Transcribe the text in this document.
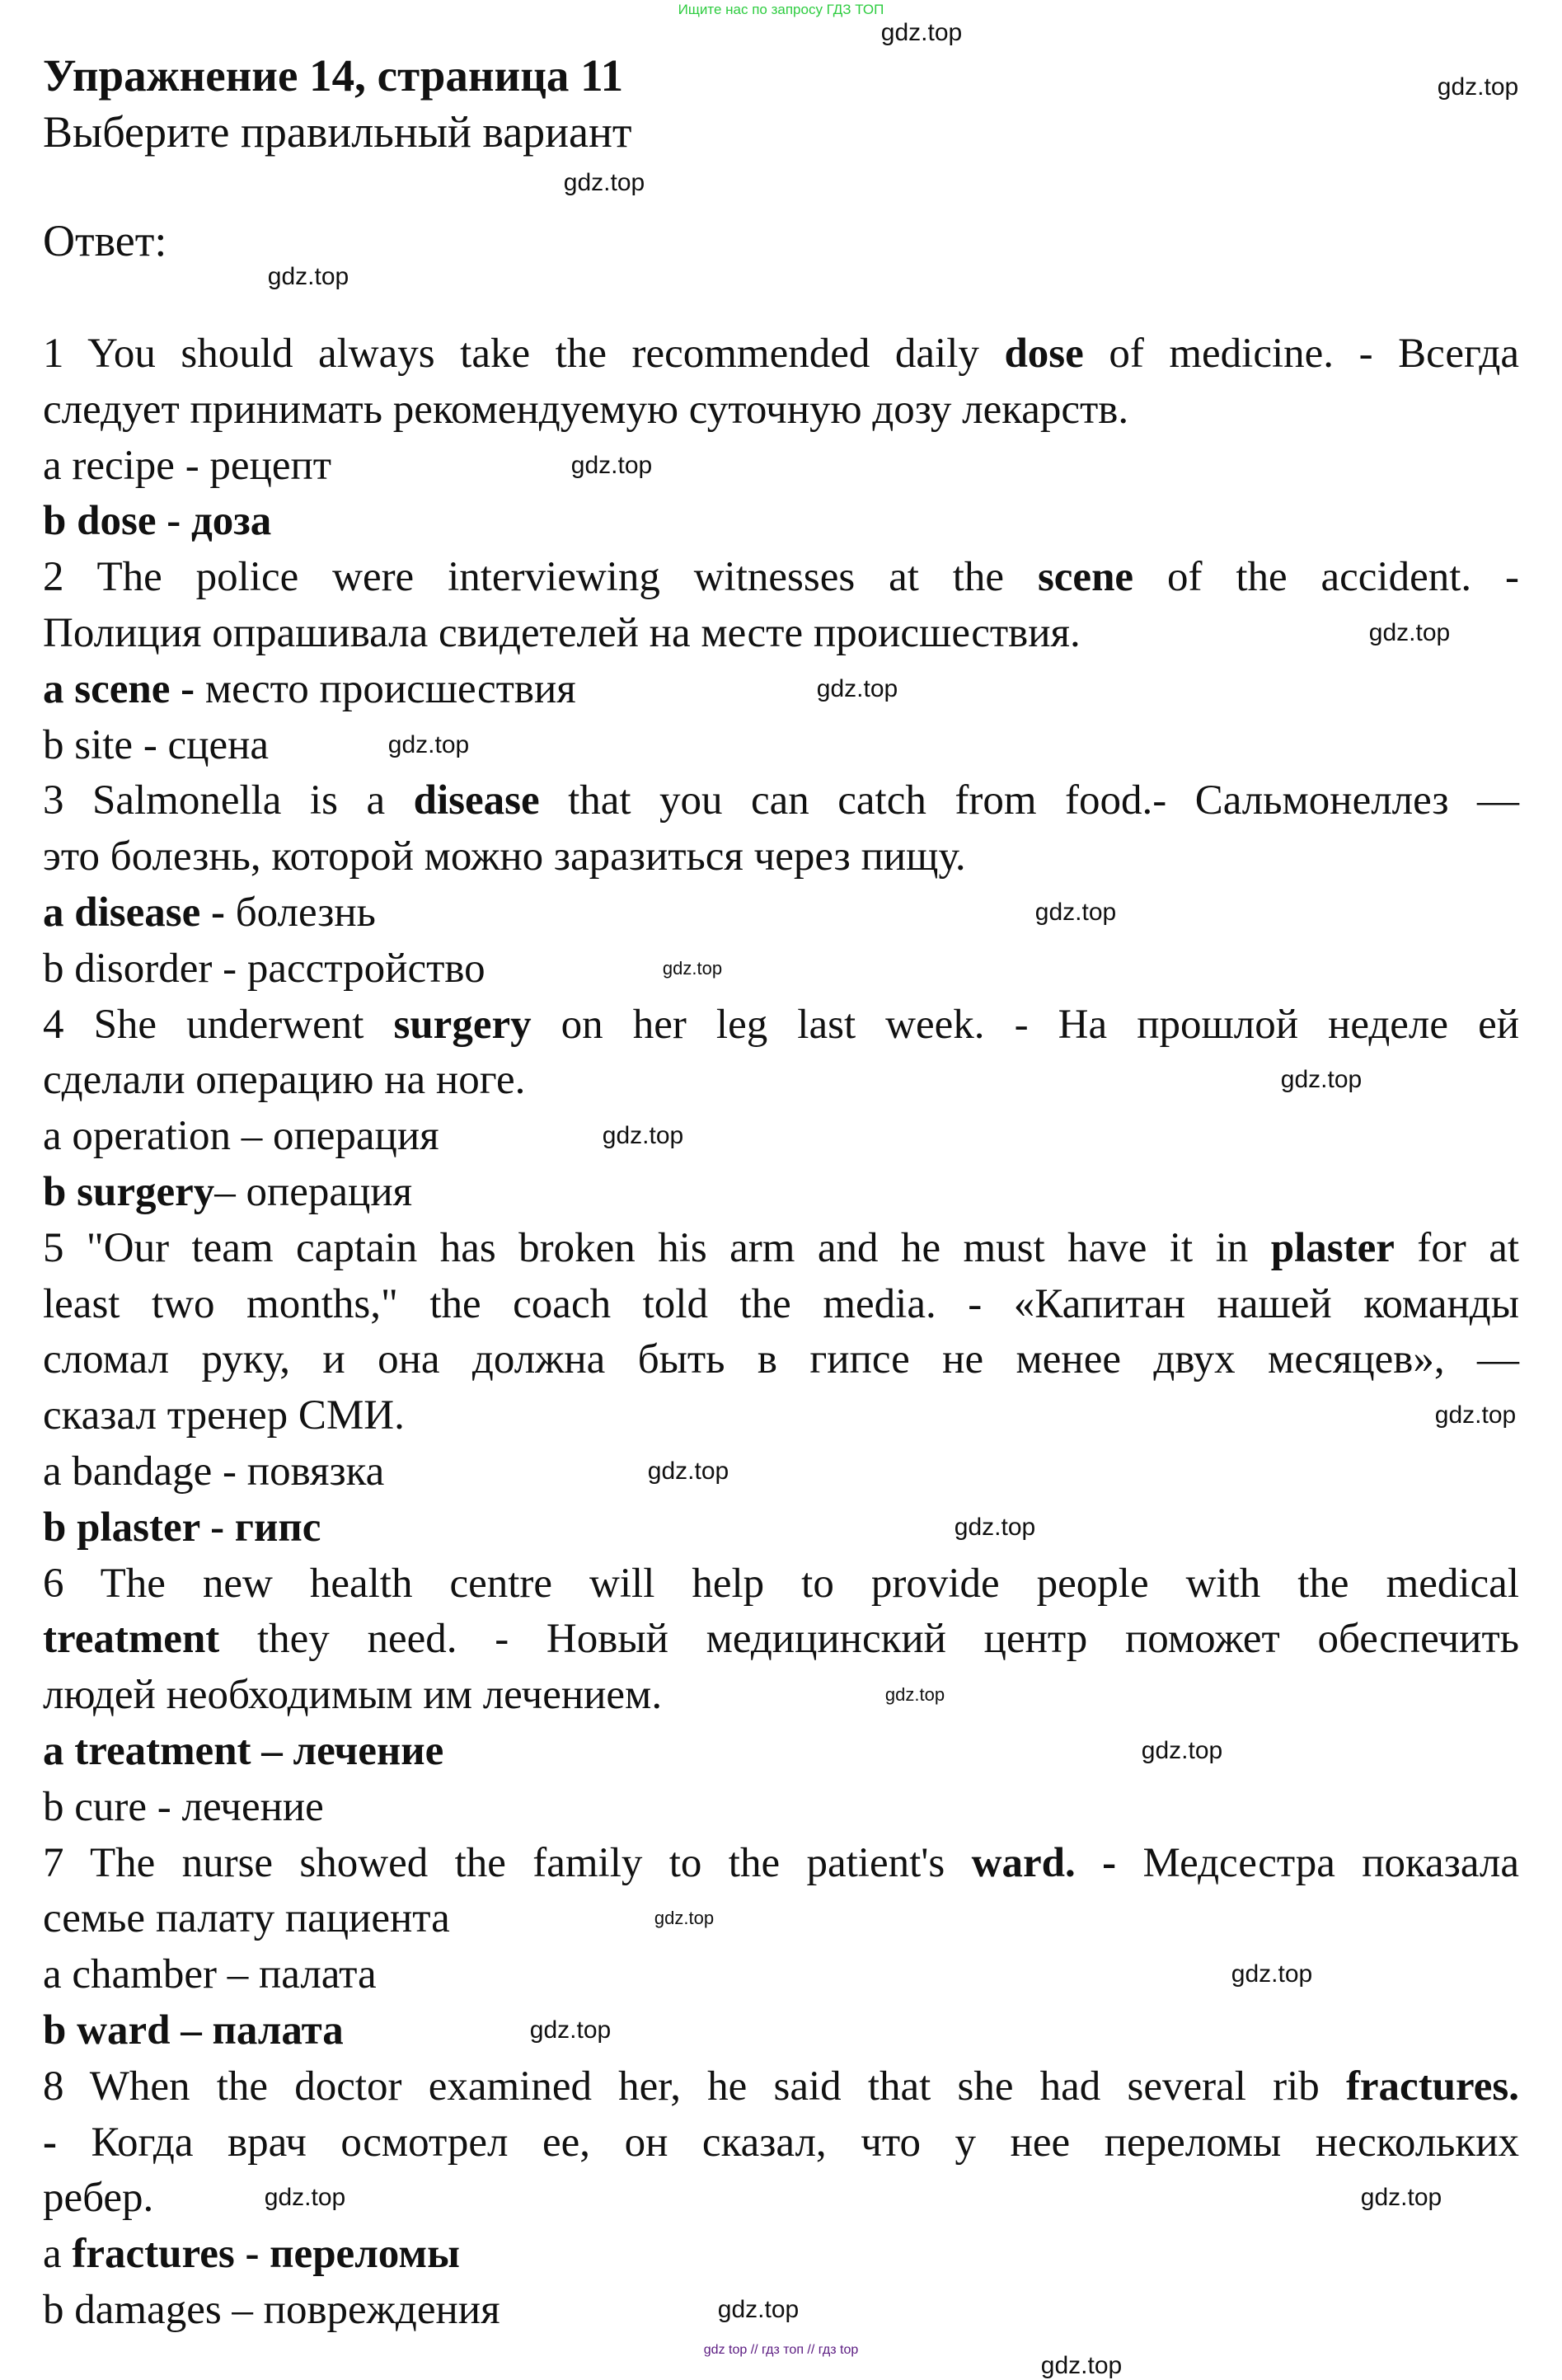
Ищите нас по запросу ГДЗ ТОП
Упражнение 14, страница 11
Выберите правильный вариант
Ответ:
1 You should always take the recommended daily dose of medicine. - Всегда
следует принимать рекомендуемую суточную дозу лекарств.
a recipe - рецепт
b dose - доза
2 The police were interviewing witnesses at the scene of the accident. -
Полиция опрашивала свидетелей на месте происшествия.
a scene - место происшествия
b site - сцена
3 Salmonella is a disease that you can catch from food.- Сальмонеллез —
это болезнь, которой можно заразиться через пищу.
a disease - болезнь
b disorder - расстройство
4 She underwent surgery on her leg last week. - На прошлой неделе ей
сделали операцию на ноге.
a operation – операция
b surgery– операция
5 "Our team captain has broken his arm and he must have it in plaster for at
least two months," the coach told the media. - «Капитан нашей команды
сломал руку, и она должна быть в гипсе не менее двух месяцев», —
сказал тренер СМИ.
a bandage - повязка
b plaster - гипс
6 The new health centre will help to provide people with the medical
treatment they need. - Новый медицинский центр поможет обеспечить
людей необходимым им лечением.
a treatment – лечение
b cure - лечение
7 The nurse showed the family to the patient's ward. - Медсестра показала
семье палату пациента
a chamber – палата
b ward – палата
8 When the doctor examined her, he said that she had several rib fractures.
- Когда врач осмотрел ее, он сказал, что у нее переломы нескольких
ребер.
a fractures - переломы
b damages – повреждения
gdz.top
gdz.top
gdz.top
gdz.top
gdz.top
gdz.top
gdz.top
gdz.top
gdz.top
gdz.top
gdz.top
gdz.top
gdz.top
gdz.top
gdz.top
gdz.top
gdz.top
gdz.top
gdz.top
gdz.top
gdz.top
gdz.top
gdz.top
gdz.top
gdz top // гдз топ // гдз top
